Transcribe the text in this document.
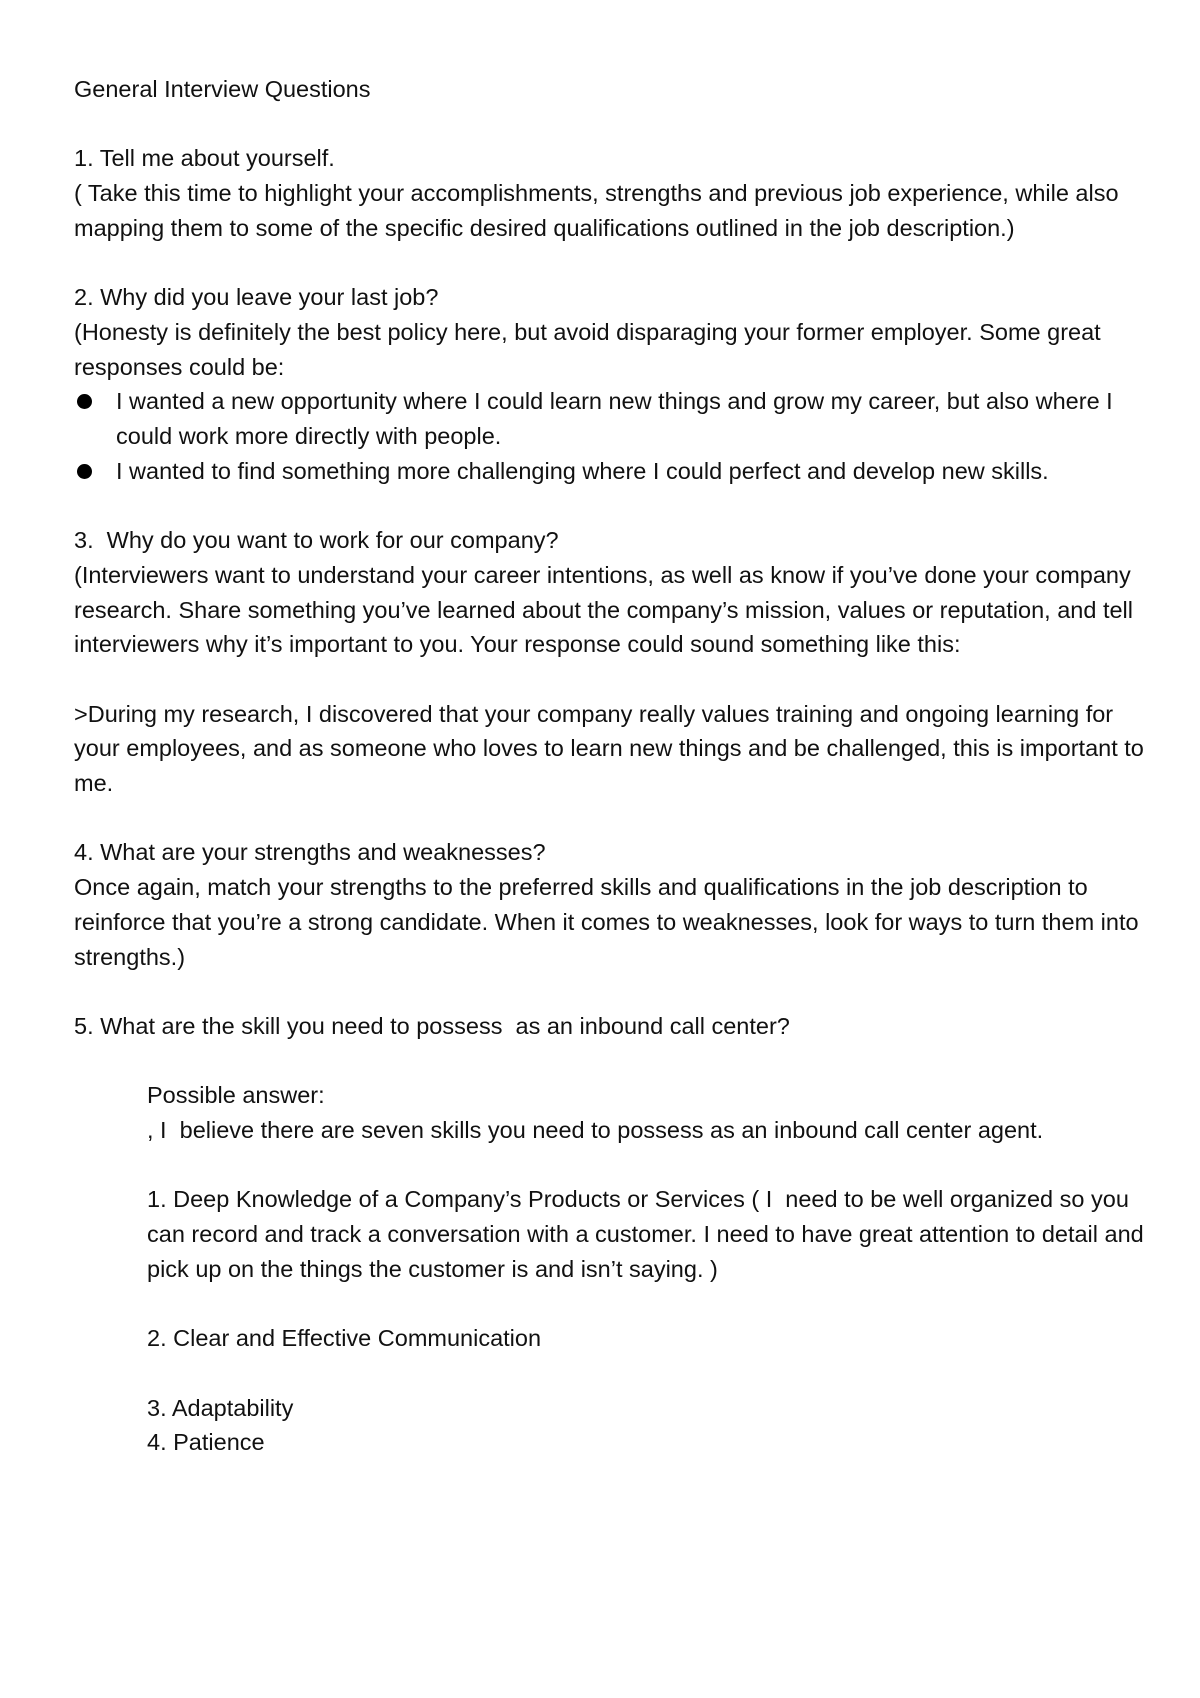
General Interview Questions

1. Tell me about yourself.

( Take this time to highlight your accomplishments, strengths and previous job experience, while also mapping them to some of the specific desired qualifications outlined in the job description.)

2. Why did you leave your last job?

(Honesty is definitely the best policy here, but avoid disparaging your former employer. Some great responses could be:

I wanted a new opportunity where I could learn new things and grow my career, but also where I could work more directly with people.
I wanted to find something more challenging where I could perfect and develop new skills.

3.  Why do you want to work for our company?

(Interviewers want to understand your career intentions, as well as know if you’ve done your company research. Share something you’ve learned about the company’s mission, values or reputation, and tell interviewers why it’s important to you. Your response could sound something like this:

>During my research, I discovered that your company really values training and ongoing learning for your employees, and as someone who loves to learn new things and be challenged, this is important to me.

4. What are your strengths and weaknesses?

Once again, match your strengths to the preferred skills and qualifications in the job description to reinforce that you’re a strong candidate. When it comes to weaknesses, look for ways to turn them into strengths.)

5. What are the skill you need to possess  as an inbound call center?

Possible answer:

, I  believe there are seven skills you need to possess as an inbound call center agent.

1. Deep Knowledge of a Company’s Products or Services ( I  need to be well organized so you can record and track a conversation with a customer. I need to have great attention to detail and pick up on the things the customer is and isn’t saying. )

2. Clear and Effective Communication

3. Adaptability

4. Patience
